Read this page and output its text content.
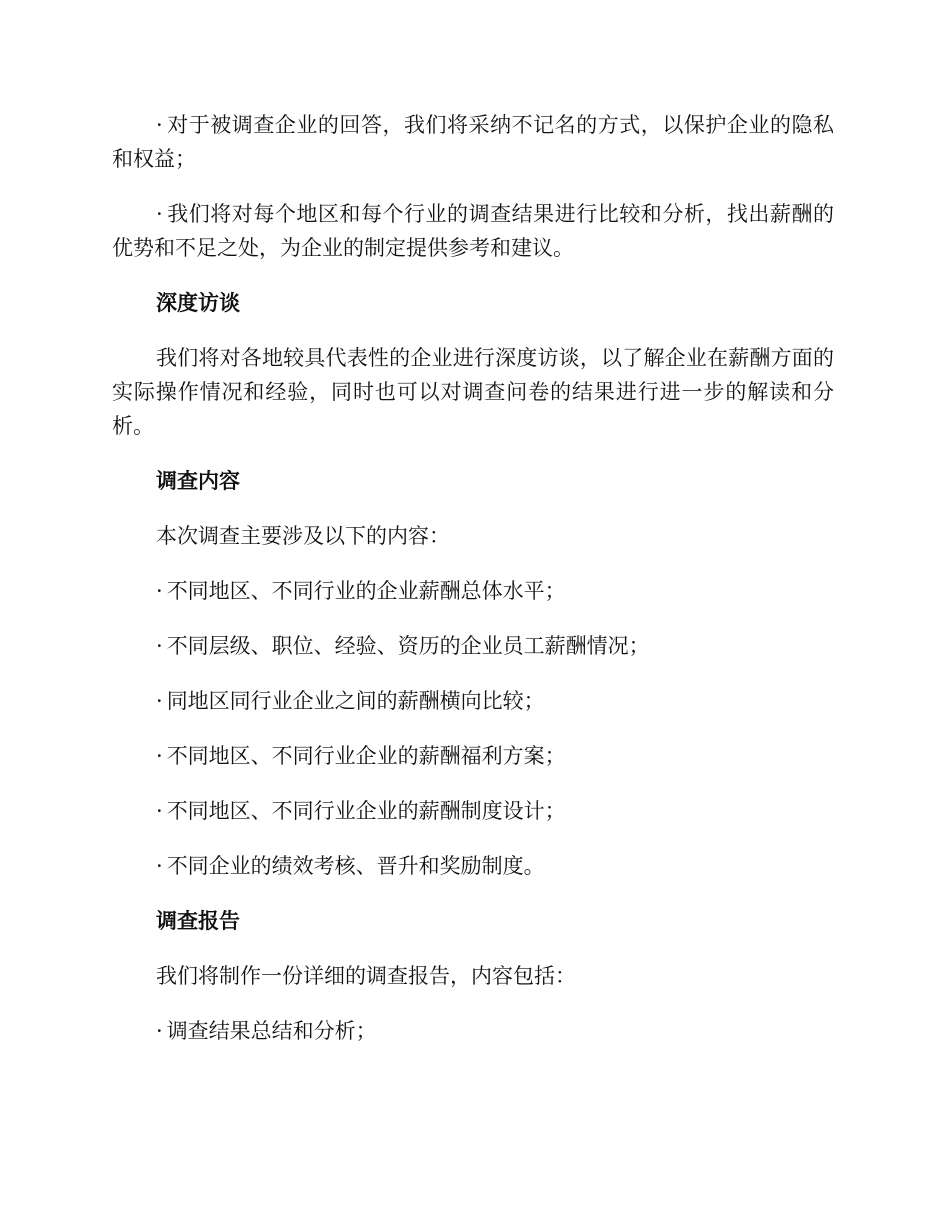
· 对于被调查企业的回答，我们将采纳不记名的方式，以保护企业的隐私和权益；

· 我们将对每个地区和每个行业的调查结果进行比较和分析，找出薪酬的优势和不足之处，为企业的制定提供参考和建议。

深度访谈

我们将对各地较具代表性的企业进行深度访谈，以了解企业在薪酬方面的实际操作情况和经验，同时也可以对调查问卷的结果进行进一步的解读和分析。

调查内容

本次调查主要涉及以下的内容：

· 不同地区、不同行业的企业薪酬总体水平；

· 不同层级、职位、经验、资历的企业员工薪酬情况；

· 同地区同行业企业之间的薪酬横向比较；

· 不同地区、不同行业企业的薪酬福利方案；

· 不同地区、不同行业企业的薪酬制度设计；

· 不同企业的绩效考核、晋升和奖励制度。

调查报告

我们将制作一份详细的调查报告，内容包括：

· 调查结果总结和分析；
